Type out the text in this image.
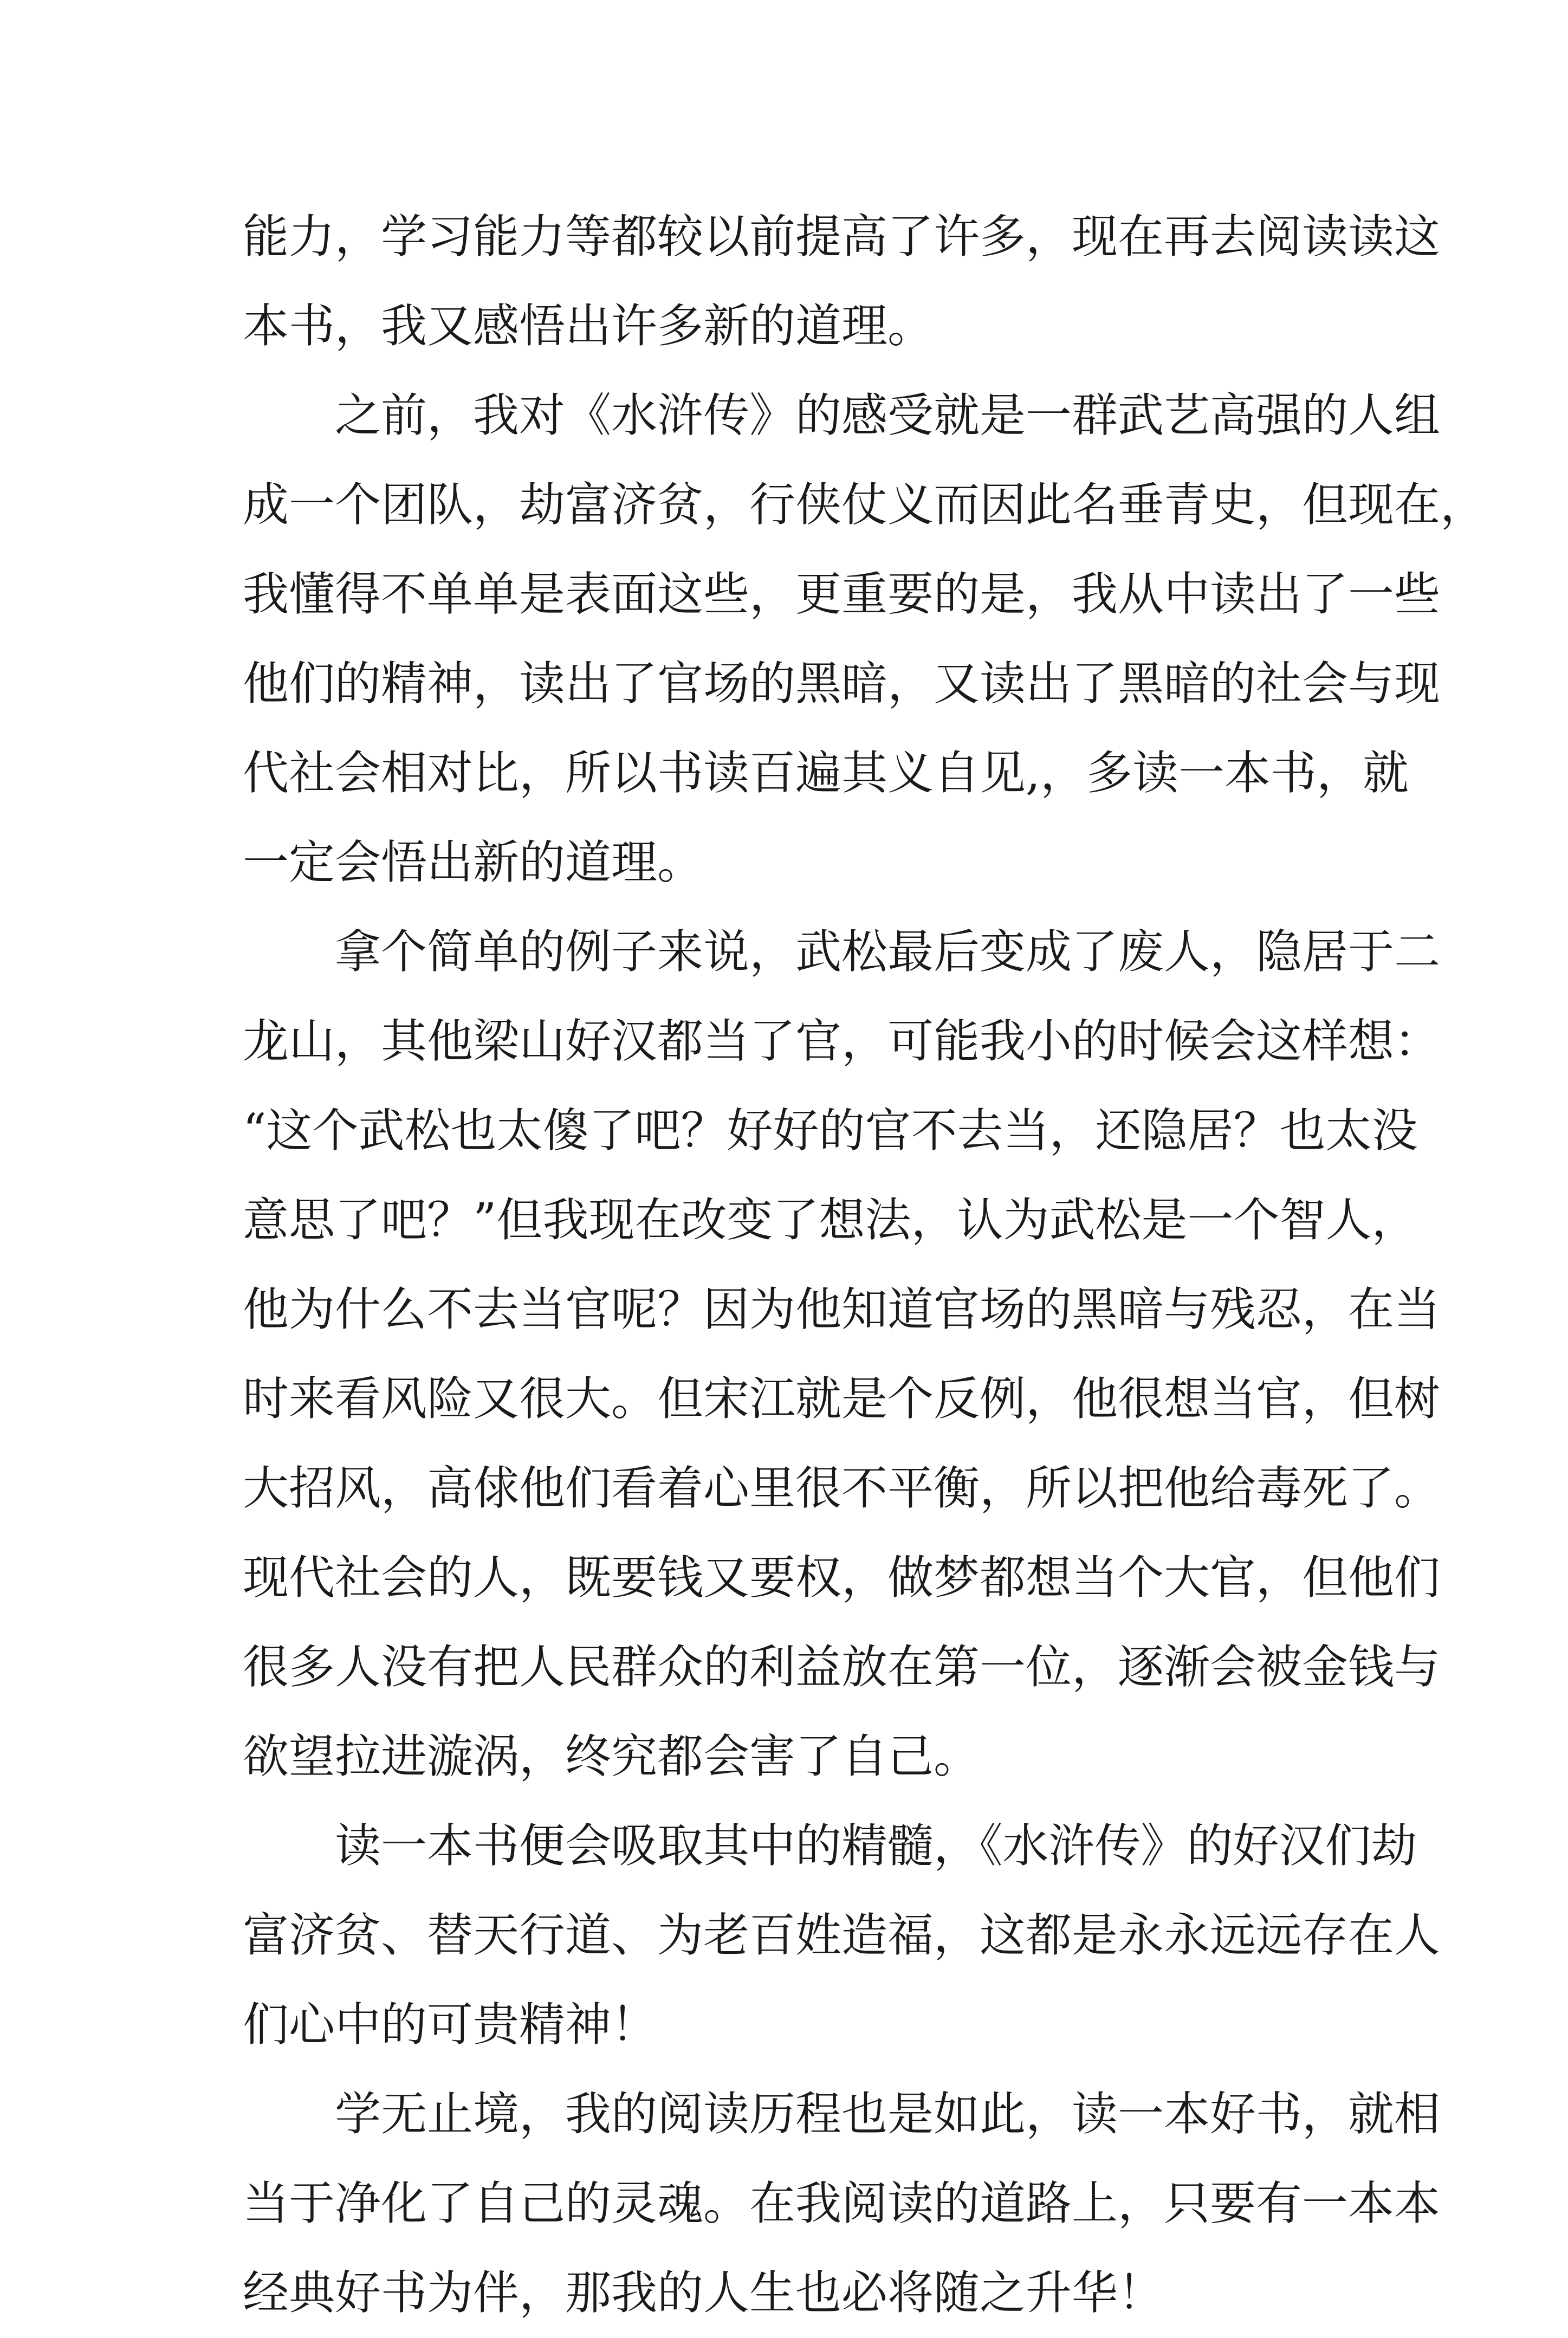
能力，学习能力等都较以前提高了许多，现在再去阅读读这
本书，我又感悟出许多新的道理。

之前，我对《水浒传》的感受就是一群武艺高强的人组
成一个团队，劫富济贫，行侠仗义而因此名垂青史，但现在，
我懂得不单单是表面这些，更重要的是，我从中读出了一些
他们的精神，读出了官场的黑暗，又读出了黑暗的社会与现
代社会相对比，所以书读百遍其义自见,，多读一本书，就
一定会悟出新的道理。

拿个简单的例子来说，武松最后变成了废人，隐居于二
龙山，其他梁山好汉都当了官，可能我小的时候会这样想：
“这个武松也太傻了吧？好好的官不去当，还隐居？也太没
意思了吧？”但我现在改变了想法，认为武松是一个智人，
他为什么不去当官呢？因为他知道官场的黑暗与残忍，在当
时来看风险又很大。但宋江就是个反例，他很想当官，但树
大招风，高俅他们看着心里很不平衡，所以把他给毒死了。
现代社会的人，既要钱又要权，做梦都想当个大官，但他们
很多人没有把人民群众的利益放在第一位，逐渐会被金钱与
欲望拉进漩涡，终究都会害了自己。

读一本书便会吸取其中的精髓，《水浒传》的好汉们劫
富济贫、替天行道、为老百姓造福，这都是永永远远存在人
们心中的可贵精神！

学无止境，我的阅读历程也是如此，读一本好书，就相
当于净化了自己的灵魂。在我阅读的道路上，只要有一本本
经典好书为伴，那我的人生也必将随之升华！
